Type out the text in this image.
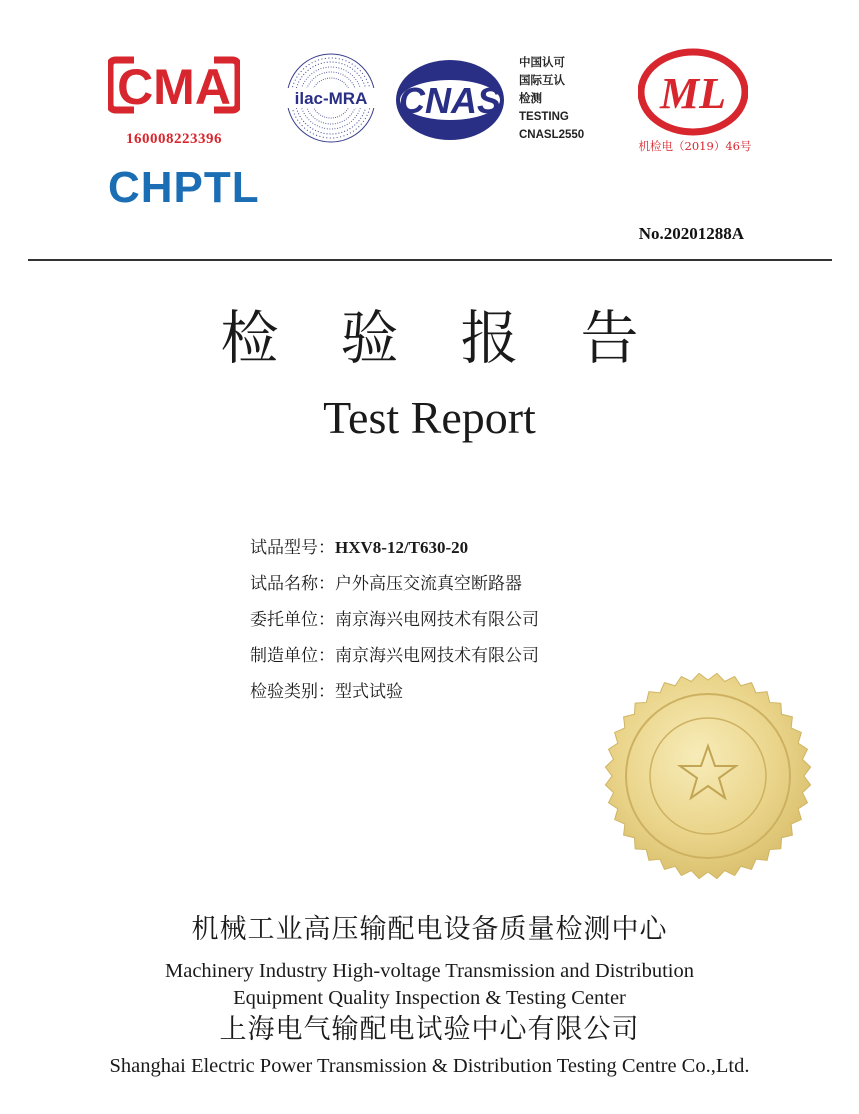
CMA
160008223396
CHPTL
ilac-MRA CNAS
中国认可
国际互认
检测
TESTING
CNASL2550
ML
机检电（2019）46号
No.20201288A
检验报告
Test Report
试品型号：HXV8-12/T630-20
试品名称：户外高压交流真空断路器
委托单位：南京海兴电网技术有限公司
制造单位：南京海兴电网技术有限公司
检验类别：型式试验
机械工业高压输配电设备质量检测中心
Machinery Industry High-voltage Transmission and Distribution
Equipment Quality Inspection & Testing Center
上海电气输配电试验中心有限公司
Shanghai Electric Power Transmission & Distribution Testing Centre Co.,Ltd.
